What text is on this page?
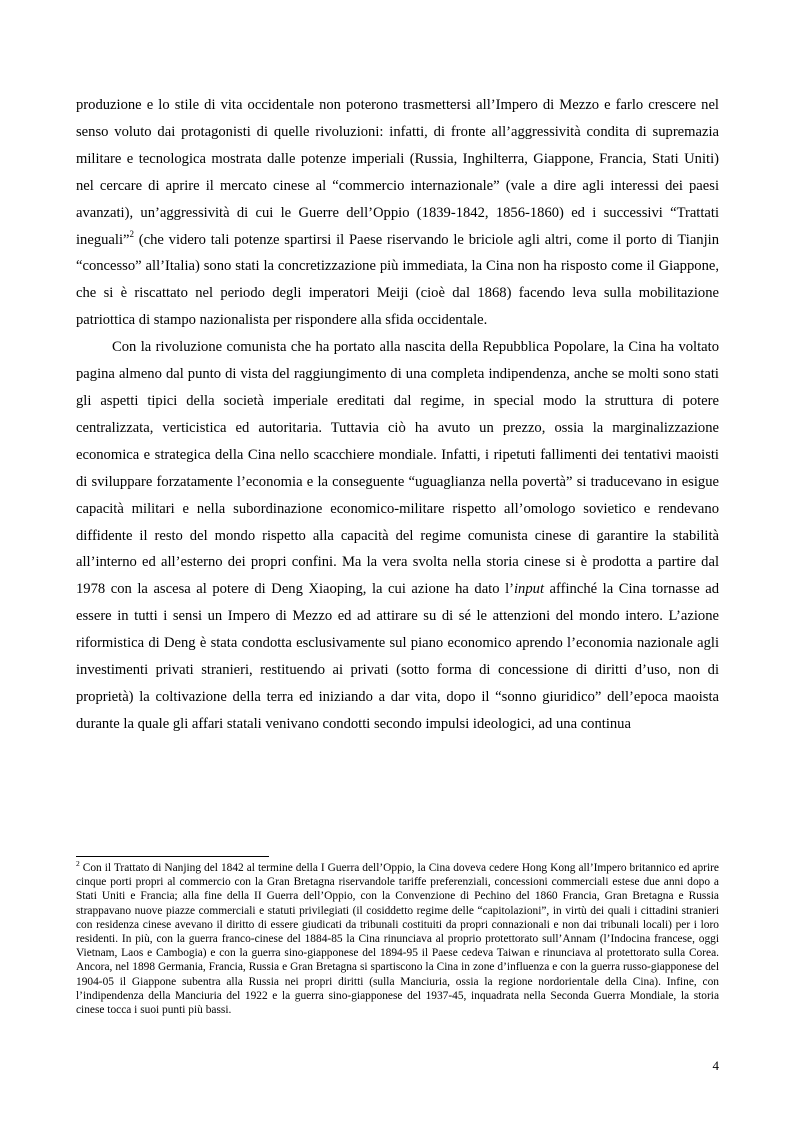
produzione e lo stile di vita occidentale non poterono trasmettersi all’Impero di Mezzo e farlo crescere nel senso voluto dai protagonisti di quelle rivoluzioni: infatti, di fronte all’aggressività condita di supremazia militare e tecnologica mostrata dalle potenze imperiali (Russia, Inghilterra, Giappone, Francia, Stati Uniti) nel cercare di aprire il mercato cinese al “commercio internazionale” (vale a dire agli interessi dei paesi avanzati), un’aggressività di cui le Guerre dell’Oppio (1839-1842, 1856-1860) ed i successivi “Trattati ineguali”$^2$ (che videro tali potenze spartirsi il Paese riservando le briciole agli altri, come il porto di Tianjin “concesso” all’Italia) sono stati la concretizzazione più immediata, la Cina non ha risposto come il Giappone, che si è riscattato nel periodo degli imperatori Meiji (cioè dal 1868) facendo leva sulla mobilitazione patriottica di stampo nazionalista per rispondere alla sfida occidentale.

Con la rivoluzione comunista che ha portato alla nascita della Repubblica Popolare, la Cina ha voltato pagina almeno dal punto di vista del raggiungimento di una completa indipendenza, anche se molti sono stati gli aspetti tipici della società imperiale ereditati dal regime, in special modo la struttura di potere centralizzata, verticistica ed autoritaria. Tuttavia ciò ha avuto un prezzo, ossia la marginalizzazione economica e strategica della Cina nello scacchiere mondiale. Infatti, i ripetuti fallimenti dei tentativi maoisti di sviluppare forzatamente l’economia e la conseguente “uguaglianza nella povertà” si traducevano in esigue capacità militari e nella subordinazione economico-militare rispetto all’omologo sovietico e rendevano diffidente il resto del mondo rispetto alla capacità del regime comunista cinese di garantire la stabilità all’interno ed all’esterno dei propri confini. Ma la vera svolta nella storia cinese si è prodotta a partire dal 1978 con la ascesa al potere di Deng Xiaoping, la cui azione ha dato l’input affinché la Cina tornasse ad essere in tutti i sensi un Impero di Mezzo ed ad attirare su di sé le attenzioni del mondo intero. L’azione riformistica di Deng è stata condotta esclusivamente sul piano economico aprendo l’economia nazionale agli investimenti privati stranieri, restituendo ai privati (sotto forma di concessione di diritti d’uso, non di proprietà) la coltivazione della terra ed iniziando a dar vita, dopo il “sonno giuridico” dell’epoca maoista durante la quale gli affari statali venivano condotti secondo impulsi ideologici, ad una continua

$^2$ Con il Trattato di Nanjing del 1842 al termine della I Guerra dell’Oppio, la Cina doveva cedere Hong Kong all’Impero britannico ed aprire cinque porti propri al commercio con la Gran Bretagna riservandole tariffe preferenziali, concessioni commerciali estese due anni dopo a Stati Uniti e Francia; alla fine della II Guerra dell’Oppio, con la Convenzione di Pechino del 1860 Francia, Gran Bretagna e Russia strappavano nuove piazze commerciali e statuti privilegiati (il cosiddetto regime delle “capitolazioni”, in virtù dei quali i cittadini stranieri con residenza cinese avevano il diritto di essere giudicati da tribunali costituiti da propri connazionali e non dai tribunali locali) per i loro residenti. In più, con la guerra franco-cinese del 1884-85 la Cina rinunciava al proprio protettorato sull’Annam (l’Indocina francese, oggi Vietnam, Laos e Cambogia) e con la guerra sino-giapponese del 1894-95 il Paese cedeva Taiwan e rinunciava al protettorato sulla Corea. Ancora, nel 1898 Germania, Francia, Russia e Gran Bretagna si spartiscono la Cina in zone d’influenza e con la guerra russo-giapponese del 1904-05 il Giappone subentra alla Russia nei propri diritti (sulla Manciuria, ossia la regione nordorientale della Cina). Infine, con l’indipendenza della Manciuria del 1922 e la guerra sino-giapponese del 1937-45, inquadrata nella Seconda Guerra Mondiale, la storia cinese tocca i suoi punti più bassi.

4
